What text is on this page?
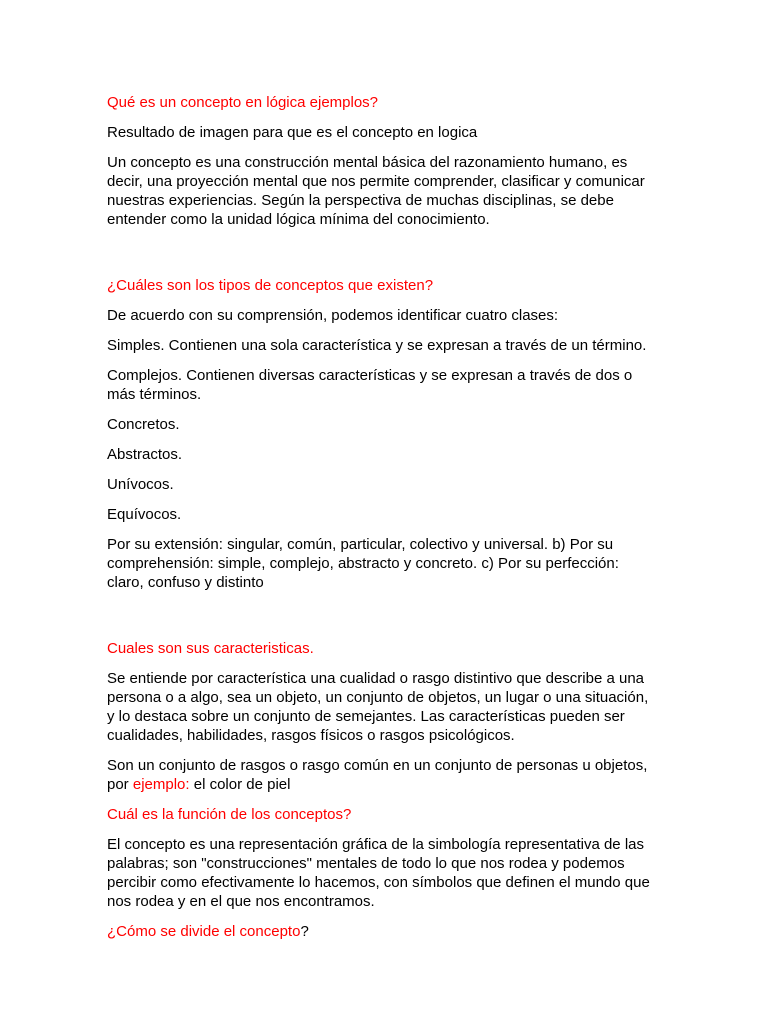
Qué es un concepto en lógica ejemplos?

Resultado de imagen para que es el concepto en logica

Un concepto es una construcción mental básica del razonamiento humano, es decir, una proyección mental que nos permite comprender, clasificar y comunicar nuestras experiencias. Según la perspectiva de muchas disciplinas, se debe entender como la unidad lógica mínima del conocimiento.

¿Cuáles son los tipos de conceptos que existen?

De acuerdo con su comprensión, podemos identificar cuatro clases:

Simples. Contienen una sola característica y se expresan a través de un término.

Complejos. Contienen diversas características y se expresan a través de dos o más términos.

Concretos.

Abstractos.

Unívocos.

Equívocos.

Por su extensión: singular, común, particular, colectivo y universal. b) Por su comprehensión: simple, complejo, abstracto y concreto. c) Por su perfección: claro, confuso y distinto

Cuales son sus caracteristicas.

Se entiende por característica una cualidad o rasgo distintivo que describe a una persona o a algo, sea un objeto, un conjunto de objetos, un lugar o una situación, y lo destaca sobre un conjunto de semejantes. Las características pueden ser cualidades, habilidades, rasgos físicos o rasgos psicológicos.

Son un conjunto de rasgos o rasgo común en un conjunto de personas u objetos, por ejemplo: el color de piel

Cuál es la función de los conceptos?

El concepto es una representación gráfica de la simbología representativa de las palabras; son "construcciones" mentales de todo lo que nos rodea y podemos percibir como efectivamente lo hacemos, con símbolos que definen el mundo que nos rodea y en el que nos encontramos.

¿Cómo se divide el concepto?
